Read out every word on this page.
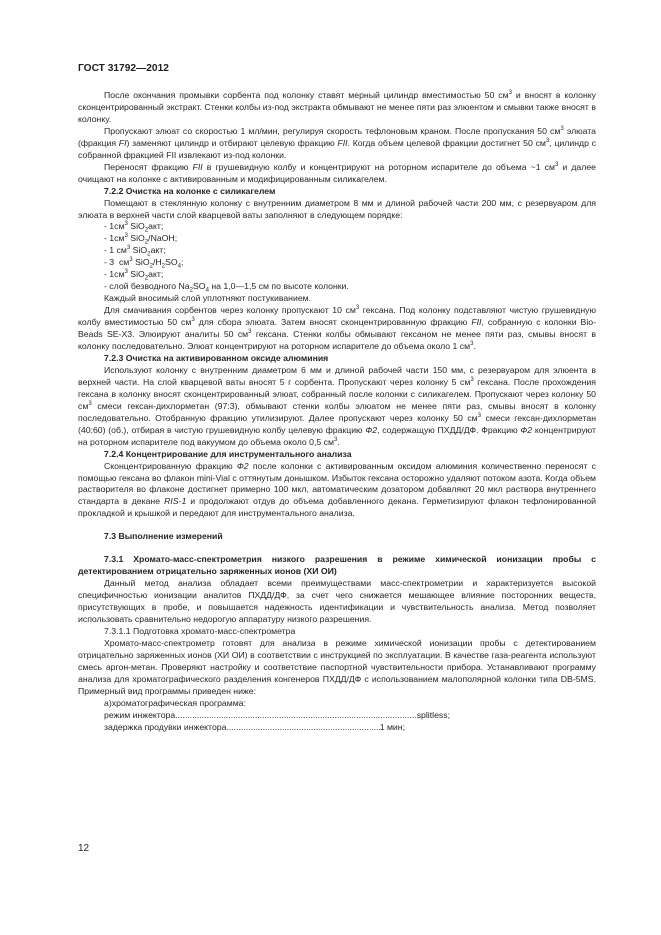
ГОСТ 31792—2012

После окончания промывки сорбента под колонку ставят мерный цилиндр вместимостью 50 $см^3$ и вносят в колонку сконцентрированный экстракт. Стенки колбы из-под экстракта обмывают не менее пяти раз элюентом и смывки также вносят в колонку.

Пропускают элюат со скоростью 1 мл/мин, регулируя скорость тефлоновым краном. После пропускания 50 $см^3$ элюата (фракция FI) заменяют цилиндр и отбирают целевую фракцию FII. Когда объем целевой фракции достигнет 50 $см^3$, цилиндр с собранной фракцией FII извлекают из-под колонки.

Переносят фракцию FII в грушевидную колбу и концентрируют на роторном испарителе до объема ~1 $см^3$ и далее очищают на колонке с активированным и модифицированным силикагелем.

7.2.2 Очистка на колонке с силикагелем

Помещают в стеклянную колонку с внутренним диаметром 8 мм и длиной рабочей части 200 мм, с резервуаром для элюата в верхней части слой кварцевой ваты заполняют в следующем порядке:

- $1см^3$ SiO$_2$акт;

- $1см^3$ SiO$_2$/NaOH;

- 1 $см^3$ SiO$_2$акт;

- 3  $см^3$ $SiO_2/H_2SO_4$;

- $1см^3$ SiO$_2$акт;

- слой безводного $Na_2SO_4$ на 1,0—1,5 см по высоте колонки.

Каждый вносимый слой уплотняют постукиванием.

Для смачивания сорбентов через колонку пропускают 10 $см^3$ гексана. Под колонку подставляют чистую грушевидную колбу вместимостью 50 $см^3$ для сбора элюата. Затем вносят сконцентрированную фракцию FII, собранную с колонки Bio-Beads SE-X3. Элюируют аналиты 50 $см^3$ гексана. Стенки колбы обмывают гексаном не менее пяти раз, смывы вносят в колонку последовательно. Элюат концентрируют на роторном испарителе до объема около 1 $см^3$.

7.2.3 Очистка на активированном оксиде алюминия

Используют колонку с внутренним диаметром 6 мм и длиной рабочей части 150 мм, с резервуаром для элюента в верхней части. На слой кварцевой ваты вносят 5 г сорбента. Пропускают через колонку 5 $см^3$ гексана. После прохождения гексана в колонку вносят сконцентрированный элюат, собранный после колонки с силикагелем. Пропускают через колонку 50 $см^3$ смеси гексан-дихлорметан (97:3), обмывают стенки колбы элюатом не менее пяти раз, смывы вносят в колонку последовательно. Отобранную фракцию утилизируют. Далее пропускают через колонку 50 $см^3$ смеси гексан-дихлорметан (40:60) (об.), отбирая в чистую грушевидную колбу целевую фракцию Ф2, содержащую ПХДД/ДФ. Фракцию Ф2 концентрируют на роторном испарителе под вакуумом до объема около 0,5 $см^3$.

7.2.4 Концентрирование для инструментального анализа

Сконцентрированную фракцию Ф2 после колонки с активированным оксидом алюминия количественно переносят с помощью гексана во флакон mini-Vial с оттянутым донышком. Избыток гексана осторожно удаляют потоком азота. Когда объем растворителя во флаконе достигнет примерно 100 мкл, автоматическим дозатором добавляют 20 мкл раствора внутреннего стандарта в декане RIS-1 и продолжают отдув до объема добавленного декана. Герметизируют флакон тефлонированной прокладкой и крышкой и передают для инструментального анализа.

7.3 Выполнение измерений

7.3.1 Хромато-масс-спектрометрия низкого разрешения в режиме химической ионизации пробы с детектированием отрицательно заряженных ионов (ХИ ОИ)

Данный метод анализа обладает всеми преимуществами масс-спектрометрии и характеризуется высокой специфичностью ионизации аналитов ПХДД/ДФ, за счет чего снижается мешающее влияние посторонних веществ, присутствующих в пробе, и повышается надежность идентификации и чувствительность анализа. Метод позволяет использовать сравнительно недорогую аппаратуру низкого разрешения.

7.3.1.1 Подготовка хромато-масс-спектрометра

Хромато-масс-спектрометр готовят для анализа в режиме химической ионизации пробы с детектированием отрицательно заряженных ионов (ХИ ОИ) в соответствии с инструкцией по эксплуатации. В качестве газа-реагента используют смесь аргон-метан. Проверяют настройку и соответствие паспортной чувствительности прибора. Устанавливают программу анализа для хроматографического разделения конгенеров ПХДД/ДФ с использованием малополярной колонки типа DB-5MS. Примерный вид программы приведен ниже:

а)хроматографическая программа:

режим инжектора .....	splitless;
задержка продувки инжектора .....	1 мин;
12
